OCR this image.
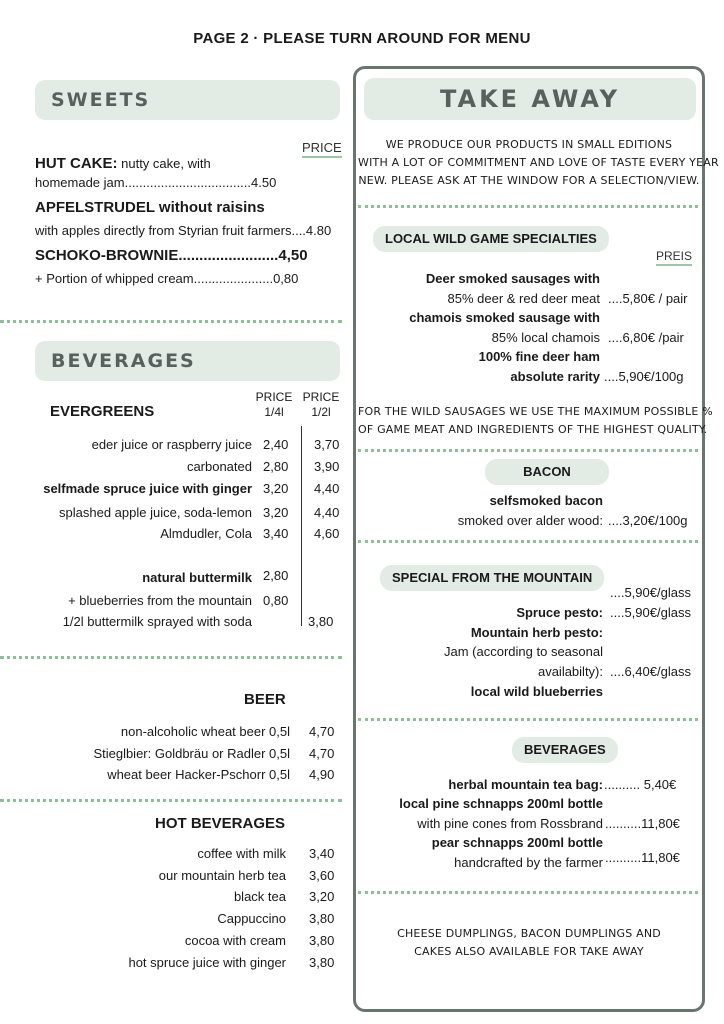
PAGE 2 · PLEASE TURN AROUND FOR MENU
SWEETS
PRICE
HUT CAKE: nutty cake, with
homemade jam...................................4.50
APFELSTRUDEL without raisins
with apples directly from Styrian fruit farmers....4.80
SCHOKO-BROWNIE........................4,50
+ Portion of whipped cream......................0,80
BEVERAGES
EVERGREENS
PRICE 1/4l
PRICE 1/2l
eder juice or raspberry juice 2,40 3,70
carbonated 2,80 3,90
selfmade spruce juice with ginger 3,20 4,40
splashed apple juice, soda-lemon 3,20 4,40
Almdudler, Cola 3,40 4,60
natural buttermilk 2,80
+ blueberries from the mountain 0,80
1/2l buttermilk sprayed with soda	3,80
BEER
non-alcoholic wheat beer 0,5l 4,70
Stieglbier: Goldbräu or Radler 0,5l 4,70
wheat beer Hacker-Pschorr 0,5l 4,90
HOT BEVERAGES
coffee with milk 3,40
our mountain herb tea 3,60
black tea 3,20
Cappuccino 3,80
cocoa with cream 3,80
hot spruce juice with ginger 3,80
TAKE AWAY
WE PRODUCE OUR PRODUCTS IN SMALL EDITIONS
WITH A LOT OF COMMITMENT AND LOVE OF TASTE EVERY YEAR
NEW. PLEASE ASK AT THE WINDOW FOR A SELECTION/VIEW.
LOCAL WILD GAME SPECIALTIES
PREIS
Deer smoked sausages with
85% deer & red deer meat ....5,80€ / pair
chamois smoked sausage with
85% local chamois ....6,80€ /pair
100% fine deer ham
absolute rarity ....5,90€/100g
FOR THE WILD SAUSAGES WE USE THE MAXIMUM POSSIBLE %
OF GAME MEAT AND INGREDIENTS OF THE HIGHEST QUALITY.
BACON
selfsmoked bacon
smoked over alder wood: ....3,20€/100g
SPECIAL FROM THE MOUNTAIN
....5,90€/glass
Spruce pesto: ....5,90€/glass
Mountain herb pesto:
Jam (according to seasonal
availabilty): ....6,40€/glass
local wild blueberries
BEVERAGES
herbal mountain tea bag: .......... 5,40€
local pine schnapps 200ml bottle
with pine cones from Rossbrand ..........11,80€
pear schnapps 200ml bottle
handcrafted by the farmer ..........11,80€
CHEESE DUMPLINGS, BACON DUMPLINGS AND
CAKES ALSO AVAILABLE FOR TAKE AWAY
